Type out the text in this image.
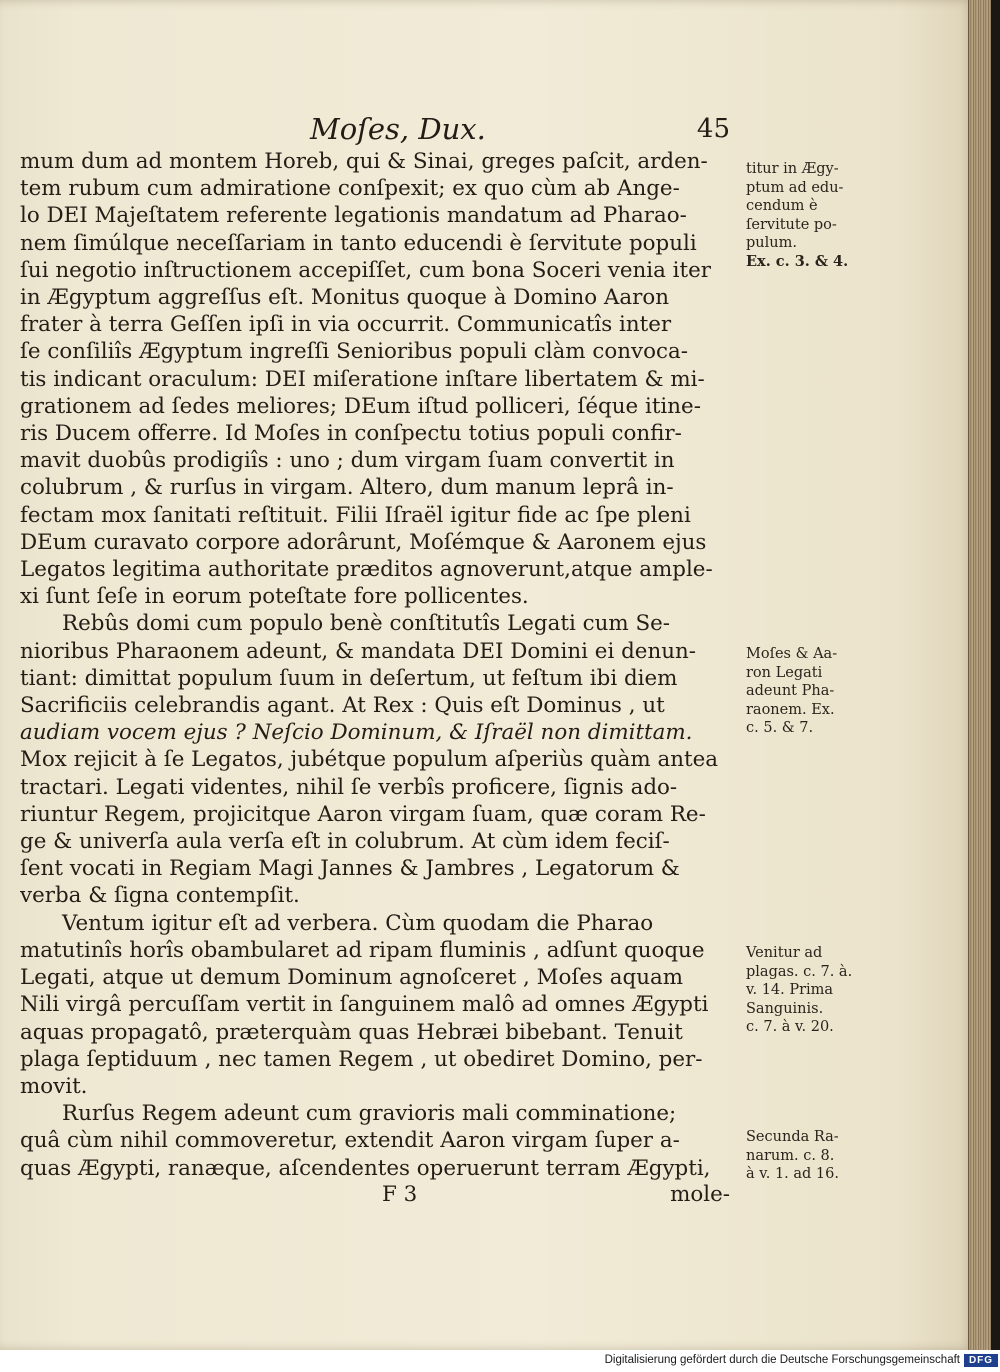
Moſes, Dux.	45

mum dum ad montem Horeb, qui & Sinai, greges paſcit, arden-
tem rubum cum admiratione conſpexit; ex quo cùm ab Ange-
lo DEI Majeſtatem referente legationis mandatum ad Pharao-
nem ſimúlque neceſſariam in tanto educendi è ſervitute populi
ſui negotio inſtructionem accepiſſet, cum bona Soceri venia iter
in Ægyptum aggreſſus eſt. Monitus quoque à Domino Aaron
frater à terra Geſſen ipſi in via occurrit. Communicatîs inter
ſe conſiliîs Ægyptum ingreſſi Senioribus populi clàm convoca-
tis indicant oraculum: DEI miſeratione inſtare libertatem & mi-
grationem ad ſedes meliores; DEum iſtud polliceri, ſéque itine-
ris Ducem offerre. Id Moſes in conſpectu totius populi confir-
mavit duobûs prodigiîs : uno ; dum virgam ſuam convertit in
colubrum , & rurſus in virgam. Altero, dum manum leprâ in-
fectam mox ſanitati reſtituit. Filii Iſraël igitur fide ac ſpe pleni
DEum curavato corpore adorârunt, Moſémque & Aaronem ejus
Legatos legitima authoritate præditos agnoverunt,atque ample-
xi ſunt ſeſe in eorum poteſtate fore pollicentes.

Rebûs domi cum populo benè conſtitutîs Legati cum Se-
nioribus Pharaonem adeunt, & mandata DEI Domini ei denun-
tiant: dimittat populum ſuum in deſertum, ut feſtum ibi diem
Sacrificiis celebrandis agant. At Rex : Quis eſt Dominus , ut
audiam vocem ejus ? Neſcio Dominum, & Iſraël non dimittam.
Mox rejicit à ſe Legatos, jubétque populum aſperiùs quàm antea
tractari. Legati videntes, nihil ſe verbîs proficere, ſignis ado-
riuntur Regem, projicitque Aaron virgam ſuam, quæ coram Re-
ge & univerſa aula verſa eſt in colubrum. At cùm idem feciſ-
ſent vocati in Regiam Magi Jannes & Jambres , Legatorum &
verba & ſigna contempſit.

Ventum igitur eſt ad verbera. Cùm quodam die Pharao
matutinîs horîs obambularet ad ripam fluminis , adſunt quoque
Legati, atque ut demum Dominum agnoſceret , Moſes aquam
Nili virgâ percuſſam vertit in ſanguinem malô ad omnes Ægypti
aquas propagatô, præterquàm quas Hebræi bibebant. Tenuit
plaga ſeptiduum , nec tamen Regem , ut obediret Domino, per-
movit.

Rurſus Regem adeunt cum gravioris mali comminatione;
quâ cùm nihil commoveretur, extendit Aaron virgam ſuper a-
quas Ægypti, ranæque, aſcendentes operuerunt terram Ægypti,

F 3	mole-
titur in Ægy-
ptum ad edu-
cendum è
ſervitute po-
pulum.
Ex. c. 3. & 4.
Moſes & Aa-
ron Legati
adeunt Pha-
raonem. Ex.
c. 5. & 7.
Venitur ad
plagas. c. 7. à.
v. 14. Prima
Sanguinis.
c. 7. à v. 20.
Secunda Ra-
narum. c. 8.
à v. 1. ad 16.
Digitalisierung gefördert durch die Deutsche Forschungsgemeinschaft DFG
